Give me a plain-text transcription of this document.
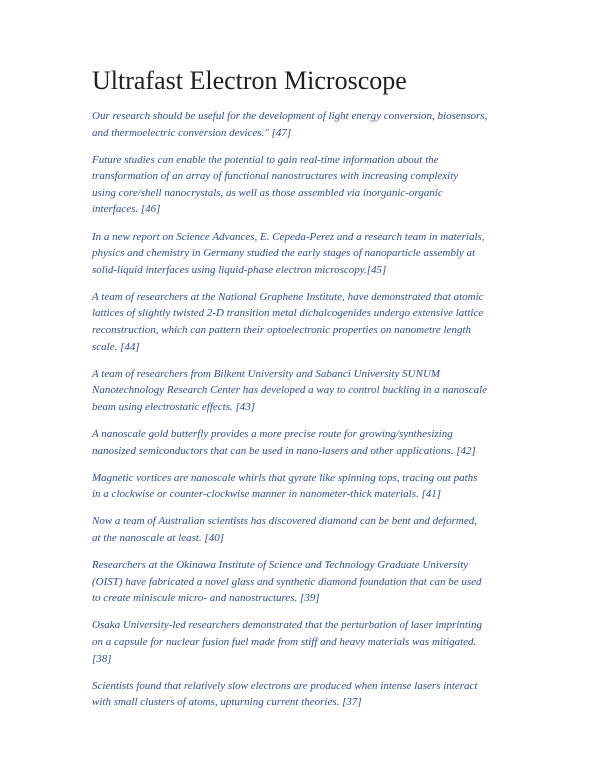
Ultrafast Electron Microscope

Our research should be useful for the development of light energy conversion, biosensors,
and thermoelectric conversion devices." [47]

Future studies can enable the potential to gain real-time information about the
transformation of an array of functional nanostructures with increasing complexity
using core/shell nanocrystals, as well as those assembled via inorganic-organic
interfaces. [46]

In a new report on Science Advances, E. Cepeda-Perez and a research team in materials,
physics and chemistry in Germany studied the early stages of nanoparticle assembly at
solid-liquid interfaces using liquid-phase electron microscopy.[45]

A team of researchers at the National Graphene Institute, have demonstrated that atomic
lattices of slightly twisted 2-D transition metal dichalcogenides undergo extensive lattice
reconstruction, which can pattern their optoelectronic properties on nanometre length
scale. [44]

A team of researchers from Bilkent University and Sabanci University SUNUM
Nanotechnology Research Center has developed a way to control buckling in a nanoscale
beam using electrostatic effects. [43]

A nanoscale gold butterfly provides a more precise route for growing/synthesizing
nanosized semiconductors that can be used in nano-lasers and other applications. [42]

Magnetic vortices are nanoscale whirls that gyrate like spinning tops, tracing out paths
in a clockwise or counter-clockwise manner in nanometer-thick materials. [41]

Now a team of Australian scientists has discovered diamond can be bent and deformed,
at the nanoscale at least. [40]

Researchers at the Okinawa Institute of Science and Technology Graduate University
(OIST) have fabricated a novel glass and synthetic diamond foundation that can be used
to create miniscule micro- and nanostructures. [39]

Osaka University-led researchers demonstrated that the perturbation of laser imprinting
on a capsule for nuclear fusion fuel made from stiff and heavy materials was mitigated.
[38]

Scientists found that relatively slow electrons are produced when intense lasers interact
with small clusters of atoms, upturning current theories. [37]
